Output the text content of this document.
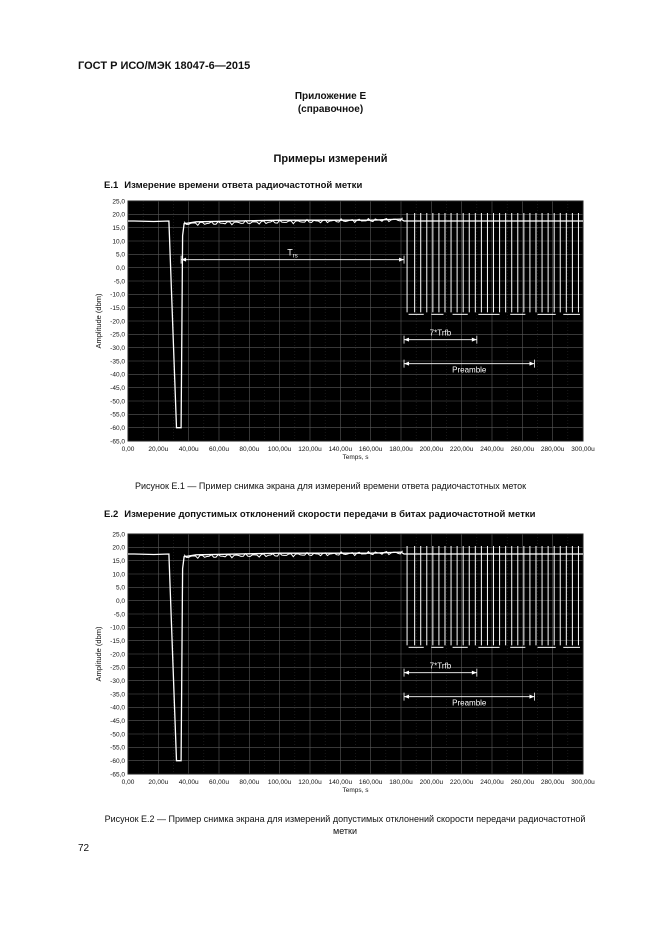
ГОСТ Р ИСО/МЭК 18047-6—2015
Приложение Е
(справочное)
Примеры измерений
Е.1 Измерение времени ответа радиочастотной метки
25,0
20,0
15,0
10,0
5,0
0,0
-5,0
-10,0
-15,0
-20,0
-25,0
-30,0
-35,0
-40,0
-45,0
-50,0
-55,0
-60,0
-65,0
0,00 20,00u 40,00u 60,00u 80,00u 100,00u 120,00u 140,00u 160,00u 180,00u 200,00u 220,00u 240,00u 260,00u 280,00u 300,00u
Temps, s
Amplitude (dbm)
$T_{rs}$
7*Trfb
Preamble
Рисунок Е.1 — Пример снимка экрана для измерений времени ответа радиочастотных меток
Е.2 Измерение допустимых отклонений скорости передачи в битах радиочастотной метки
25,0
20,0
15,0
10,0
5,0
0,0
-5,0
-10,0
-15,0
-20,0
-25,0
-30,0
-35,0
-40,0
-45,0
-50,0
-55,0
-60,0
-65,0
0,00 20,00u 40,00u 60,00u 80,00u 100,00u 120,00u 140,00u 160,00u 180,00u 200,00u 220,00u 240,00u 260,00u 280,00u 300,00u
Temps, s
Amplitude (dbm)	7*Trfb
Preamble
Рисунок Е.2 — Пример снимка экрана для измерений допустимых отклонений скорости передачи радиочастотной
метки
72
